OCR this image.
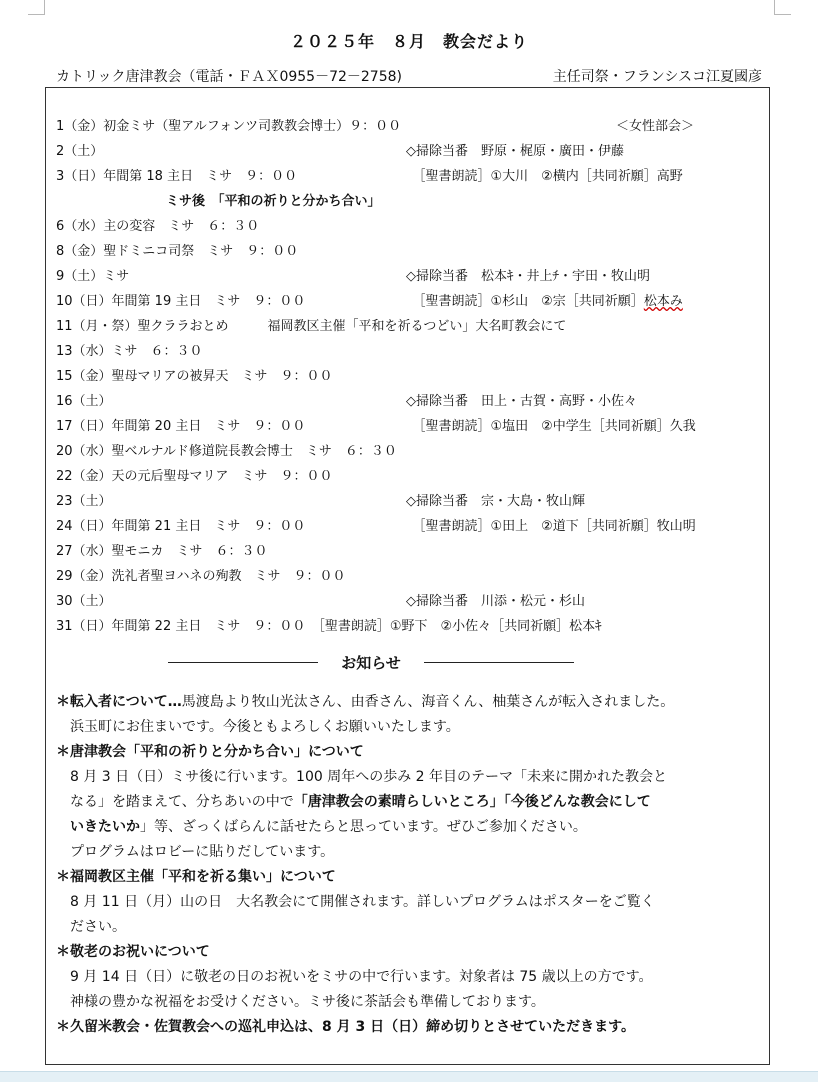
２０２５年　８月　教会だより
カトリック唐津教会（電話・ＦＡＸ0955－72－2758)	主任司祭・フランシスコ江夏國彦
1（金）初金ミサ（聖アルフォンツ司教教会博士）９：００	＜女性部会＞
2（土）	◇掃除当番　野原・梶原・廣田・伊藤
3（日）年間第 18 主日　ミサ　９：００	　［聖書朗読］①大川　②横内［共同祈願］高野
ミサ後　「平和の祈りと分かち合い」
6（水）主の変容　ミサ　６：３０
8（金）聖ドミニコ司祭　ミサ　９：００
9（土）ミサ	◇掃除当番　松本ｷ・井上ﾁ・宇田・牧山明
10（日）年間第 19 主日　ミサ　９：００	　［聖書朗読］①杉山　②宗［共同祈願］松本み
11（月・祭）聖クララおとめ　　　福岡教区主催「平和を祈るつどい」大名町教会にて
13（水）ミサ　６：３０
15（金）聖母マリアの被昇天　ミサ　９：００
16（土）	◇掃除当番　田上・古賀・高野・小佐々
17（日）年間第 20 主日　ミサ　９：００	　［聖書朗読］①塩田　②中学生［共同祈願］久我
20（水）聖ベルナルド修道院長教会博士　ミサ　６：３０
22（金）天の元后聖母マリア　ミサ　９：００
23（土）	◇掃除当番　宗・大島・牧山輝
24（日）年間第 21 主日　ミサ　９：００	　［聖書朗読］①田上　②道下［共同祈願］牧山明
27（水）聖モニカ　ミサ　６：３０
29（金）洗礼者聖ヨハネの殉教　ミサ　９：００
30（土）	◇掃除当番　川添・松元・杉山
31（日）年間第 22 主日　ミサ　９：００　［聖書朗読］①野下　②小佐々［共同祈願］松本ｷ
お知らせ
＊転入者について…馬渡島より牧山光汰さん、由香さん、海音くん、柚葉さんが転入されました。

浜玉町にお住まいです。今後ともよろしくお願いいたします。

＊唐津教会「平和の祈りと分かち合い」について

8 月 3 日（日）ミサ後に行います。100 周年への歩み 2 年目のテーマ「未来に開かれた教会と

なる」を踏まえて、分ちあいの中で「唐津教会の素晴らしいところ」「今後どんな教会にして

いきたいか」等、ざっくばらんに話せたらと思っています。ぜひご参加ください。

プログラムはロビーに貼りだしています。

＊福岡教区主催「平和を祈る集い」について

8 月 11 日（月）山の日　大名教会にて開催されます。詳しいプログラムはポスターをご覧く

ださい。

＊敬老のお祝いについて

9 月 14 日（日）に敬老の日のお祝いをミサの中で行います。対象者は 75 歳以上の方です。

神様の豊かな祝福をお受けください。ミサ後に茶話会も準備しております。

＊久留米教会・佐賀教会への巡礼申込は、8 月 3 日（日）締め切りとさせていただきます。
